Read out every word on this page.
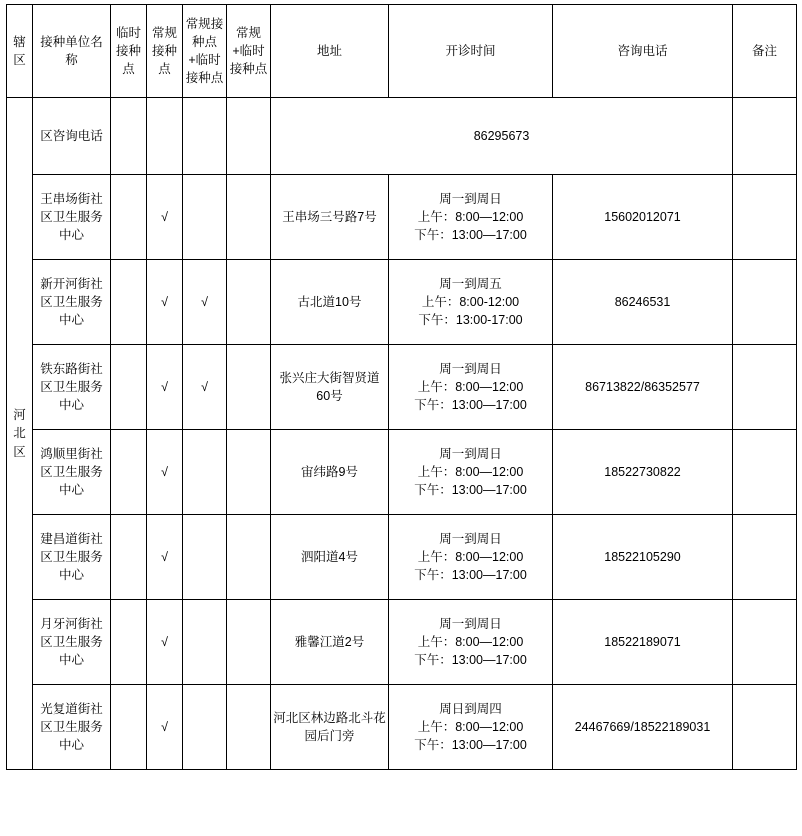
辖区	接种单位名称	临时接种点	常规接种点	常规接种点+临时接种点	常规+临时接种点	地址	开诊时间	咨询电话	备注

河北区	区咨询电话					86295673			
	王串场街社区卫生服务中心		√			王串场三号路7号	周一到周日
上午：8:00—12:00
下午：13:00—17:00	15602012071	
	新开河街社区卫生服务中心		√	√		古北道10号	周一到周五
上午：8:00-12:00
下午：13:00-17:00	86246531	
	铁东路街社区卫生服务中心		√	√		张兴庄大街智贤道60号	周一到周日
上午：8:00—12:00
下午：13:00—17:00	86713822/86352577	
	鸿顺里街社区卫生服务中心		√			宙纬路9号	周一到周日
上午：8:00—12:00
下午：13:00—17:00	18522730822	
	建昌道街社区卫生服务中心		√			泗阳道4号	周一到周日
上午：8:00—12:00
下午：13:00—17:00	18522105290	
	月牙河街社区卫生服务中心		√			雅馨江道2号	周一到周日
上午：8:00—12:00
下午：13:00—17:00	18522189071	
	光复道街社区卫生服务中心		√			河北区林边路北斗花园后门旁	周日到周四
上午：8:00—12:00
下午：13:00—17:00	24467669/18522189031	
